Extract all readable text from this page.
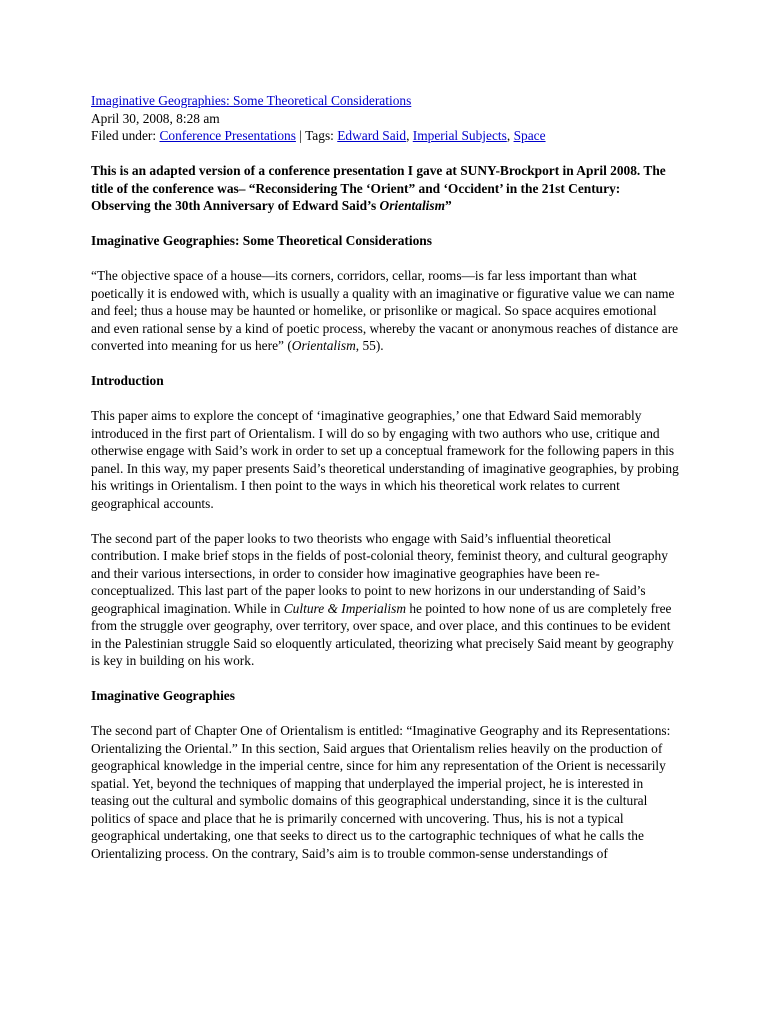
Imaginative Geographies: Some Theoretical Considerations

April 30, 2008, 8:28 am

Filed under: Conference Presentations | Tags: Edward Said, Imperial Subjects, Space

This is an adapted version of a conference presentation I gave at SUNY-Brockport in April 2008. The title of the conference was– “Reconsidering The ‘Orient” and ‘Occident’ in the 21st Century: Observing the 30th Anniversary of Edward Said’s Orientalism”

Imaginative Geographies: Some Theoretical Considerations

“The objective space of a house—its corners, corridors, cellar, rooms—is far less important than what poetically it is endowed with, which is usually a quality with an imaginative or figurative value we can name and feel; thus a house may be haunted or homelike, or prisonlike or magical. So space acquires emotional and even rational sense by a kind of poetic process, whereby the vacant or anonymous reaches of distance are converted into meaning for us here” (Orientalism, 55).

Introduction

This paper aims to explore the concept of ‘imaginative geographies,’ one that Edward Said memorably introduced in the first part of Orientalism. I will do so by engaging with two authors who use, critique and otherwise engage with Said’s work in order to set up a conceptual framework for the following papers in this panel. In this way, my paper presents Said’s theoretical understanding of imaginative geographies, by probing his writings in Orientalism. I then point to the ways in which his theoretical work relates to current geographical accounts.

The second part of the paper looks to two theorists who engage with Said’s influential theoretical contribution. I make brief stops in the fields of post-colonial theory, feminist theory, and cultural geography and their various intersections, in order to consider how imaginative geographies have been re-conceptualized. This last part of the paper looks to point to new horizons in our understanding of Said’s geographical imagination. While in Culture & Imperialism he pointed to how none of us are completely free from the struggle over geography, over territory, over space, and over place, and this continues to be evident in the Palestinian struggle Said so eloquently articulated, theorizing what precisely Said meant by geography is key in building on his work.

Imaginative Geographies

The second part of Chapter One of Orientalism is entitled: “Imaginative Geography and its Representations: Orientalizing the Oriental.” In this section, Said argues that Orientalism relies heavily on the production of geographical knowledge in the imperial centre, since for him any representation of the Orient is necessarily spatial. Yet, beyond the techniques of mapping that underplayed the imperial project, he is interested in teasing out the cultural and symbolic domains of this geographical understanding, since it is the cultural politics of space and place that he is primarily concerned with uncovering. Thus, his is not a typical geographical undertaking, one that seeks to direct us to the cartographic techniques of what he calls the Orientalizing process. On the contrary, Said’s aim is to trouble common-sense understandings of
